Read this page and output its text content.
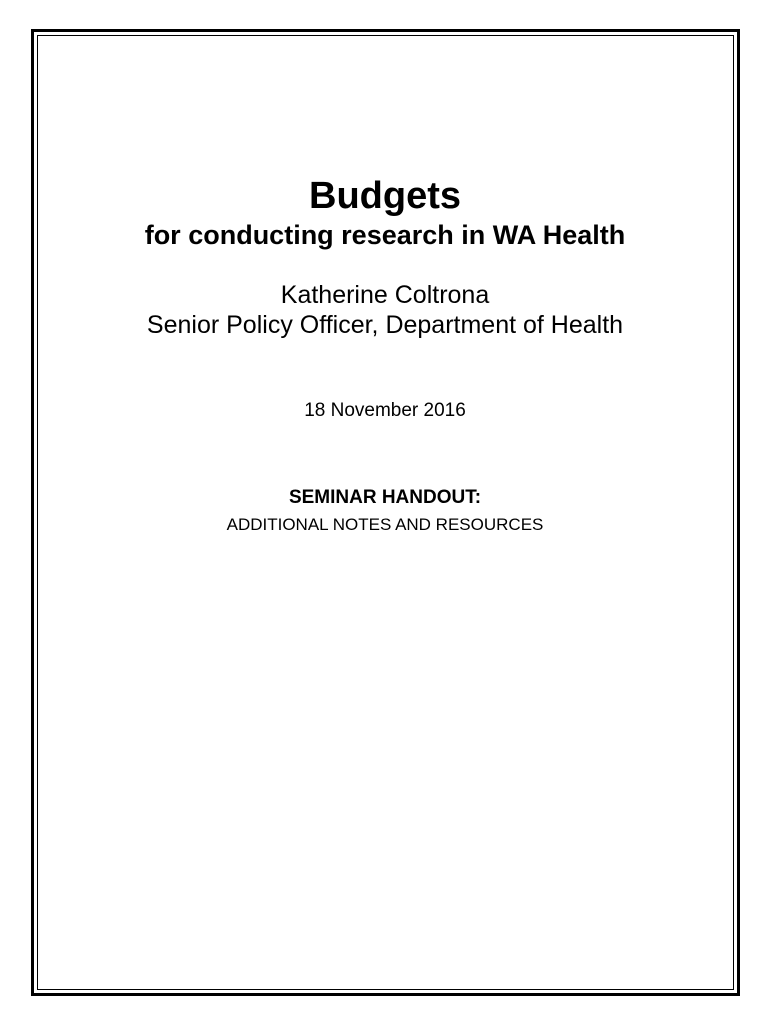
Budgets
for conducting research in WA Health
Katherine Coltrona
Senior Policy Officer, Department of Health
18 November 2016
SEMINAR HANDOUT:
ADDITIONAL NOTES AND RESOURCES
